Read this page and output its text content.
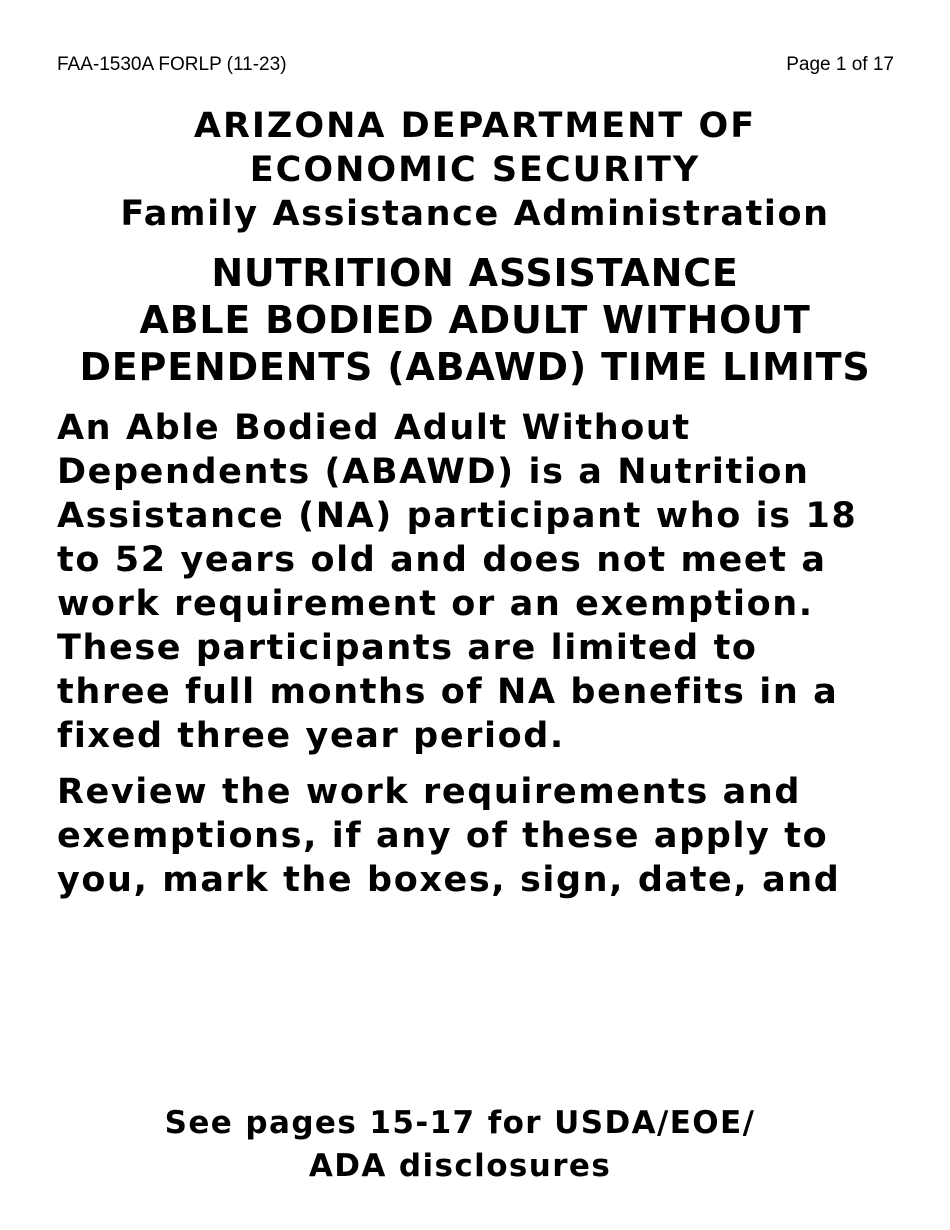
FAA-1530A FORLP (11-23)	Page 1 of 17
ARIZONA DEPARTMENT OF
ECONOMIC SECURITY
Family Assistance Administration
NUTRITION ASSISTANCE
ABLE BODIED ADULT WITHOUT
DEPENDENTS (ABAWD) TIME LIMITS
An Able Bodied Adult Without
Dependents (ABAWD) is a Nutrition
Assistance (NA) participant who is 18
to 52 years old and does not meet a
work requirement or an exemption.
These participants are limited to
three full months of NA benefits in a
fixed three year period.
Review the work requirements and
exemptions, if any of these apply to
you, mark the boxes, sign, date, and
See pages 15-17 for USDA/EOE/
ADA disclosures
